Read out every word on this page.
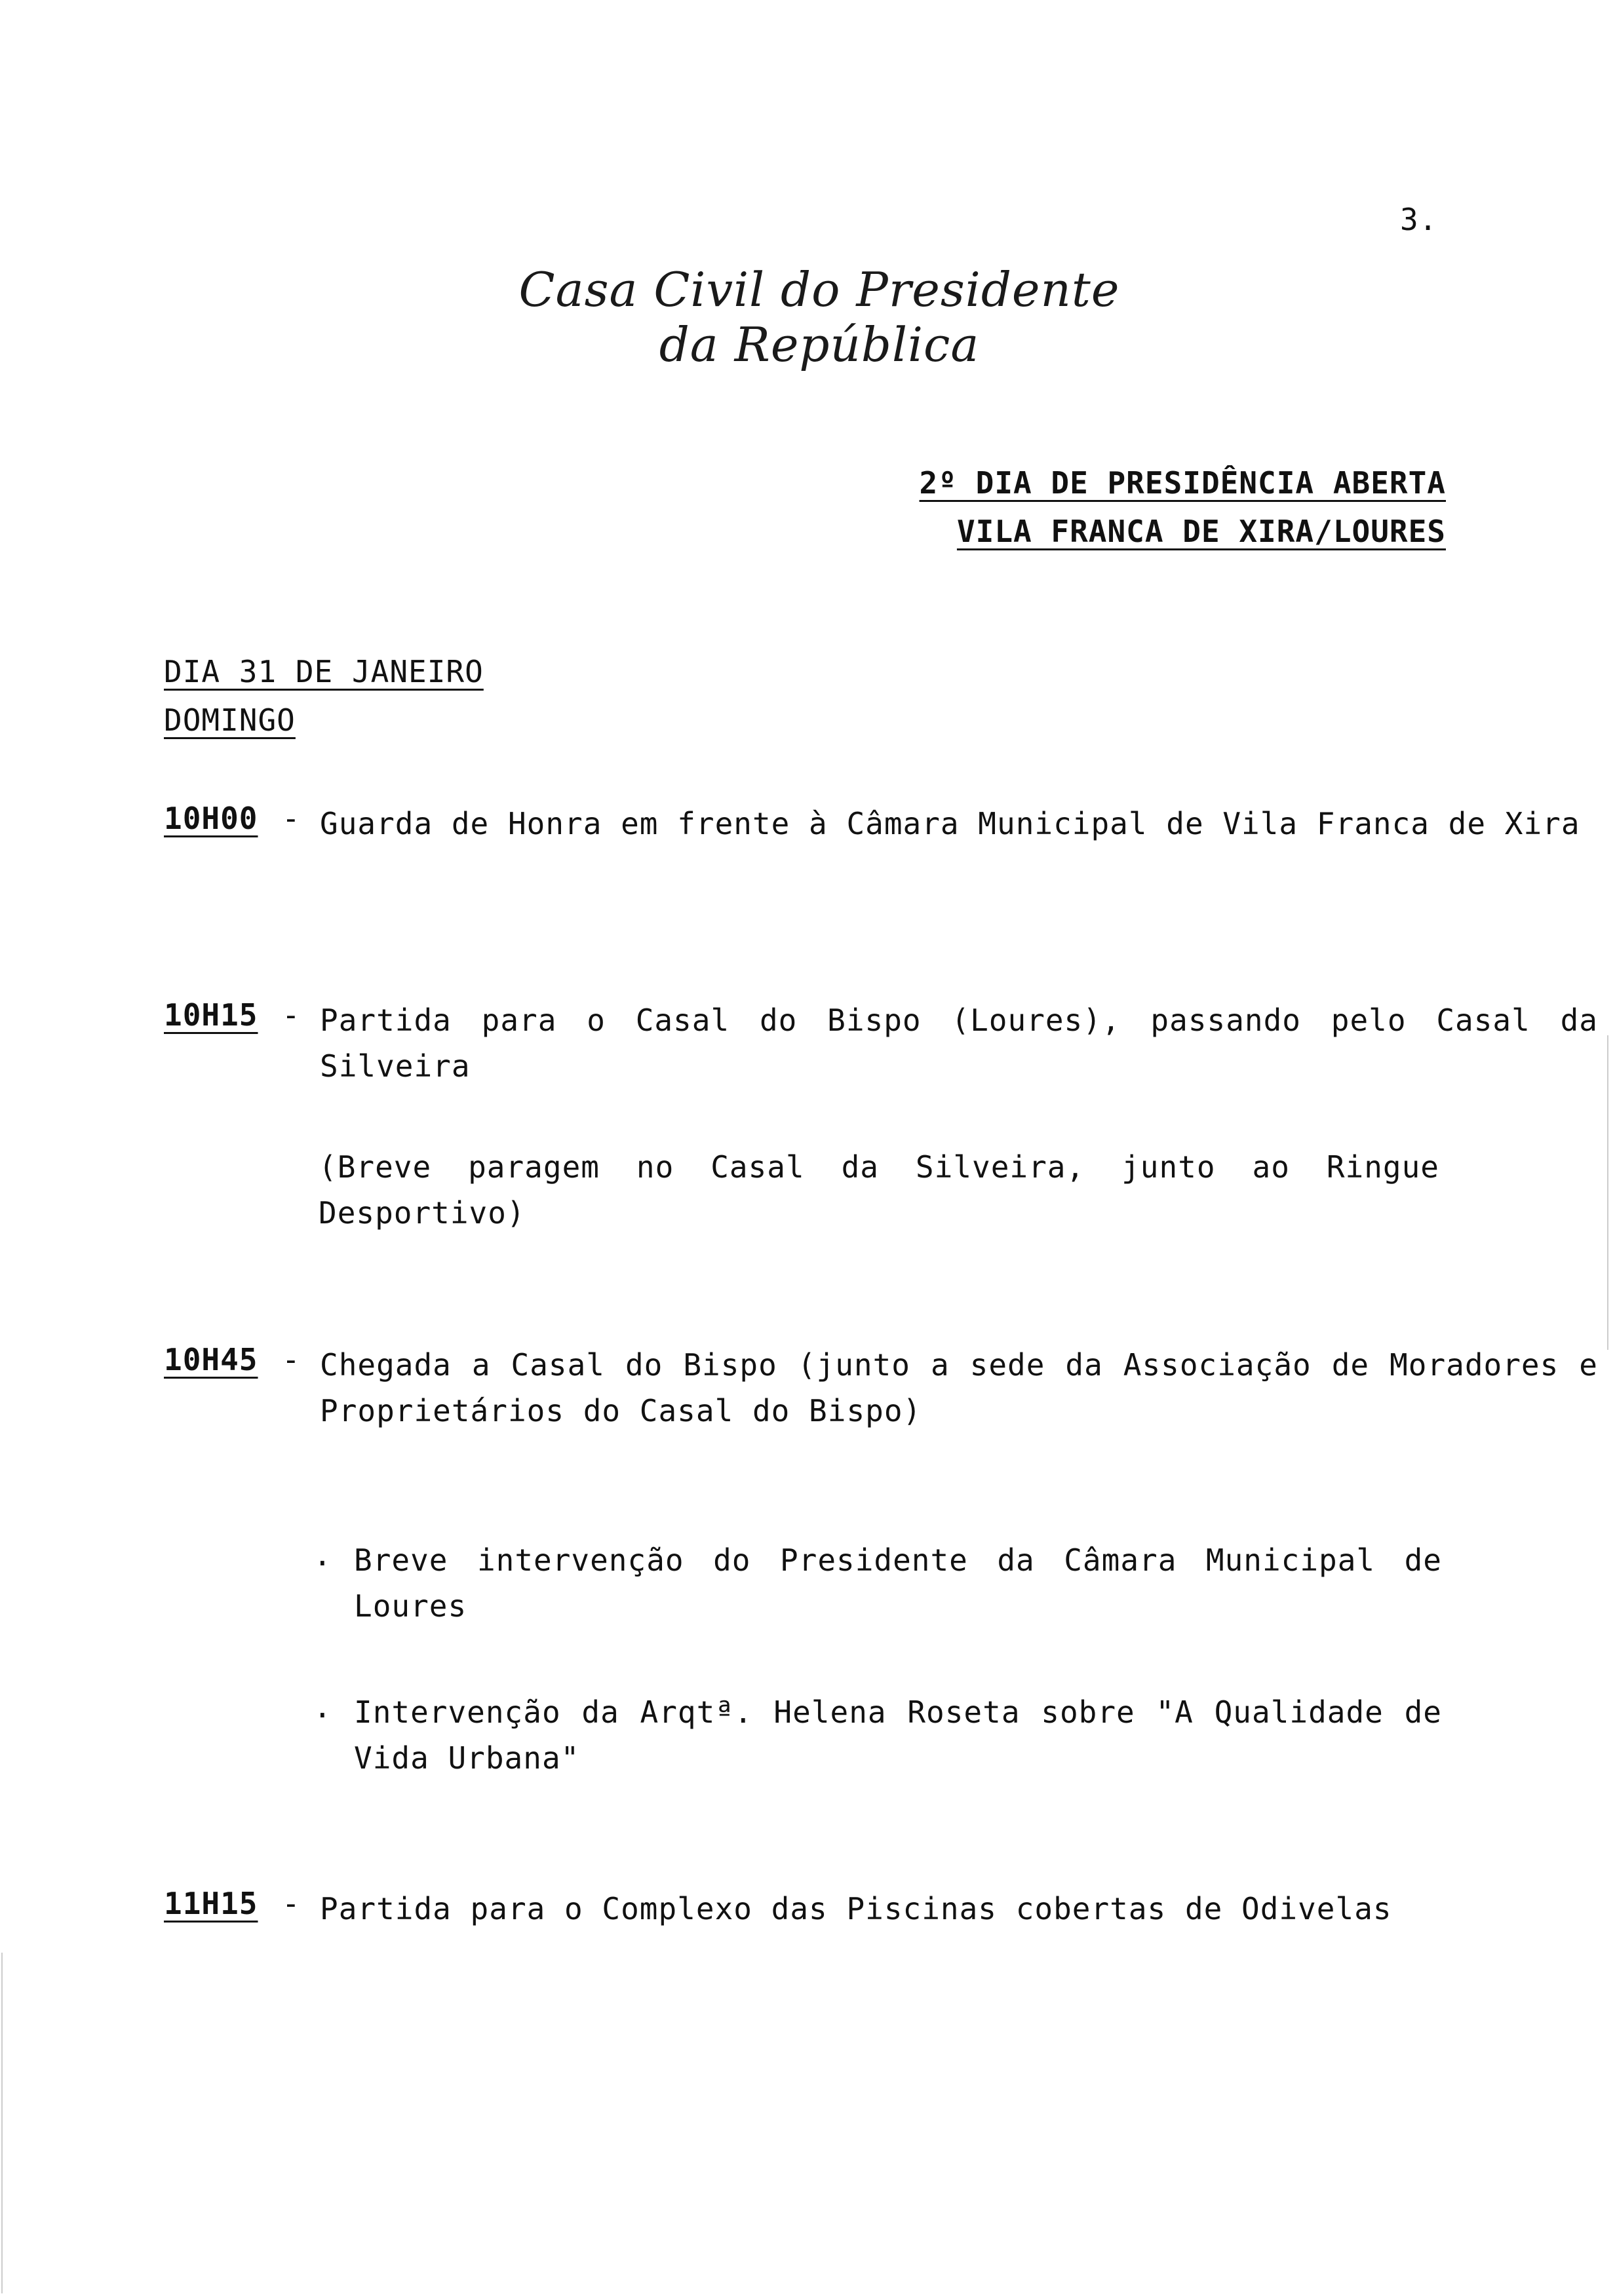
3.
Casa Civil do Presidente da República
2º DIA DE PRESIDÊNCIA ABERTA
VILA FRANCA DE XIRA/LOURES
DIA 31 DE JANEIRO
DOMINGO
10H00 - Guarda de Honra em frente à Câmara Municipal de Vila Franca de Xira
10H15 - Partida para o Casal do Bispo (Loures), passando pelo Casal da Silveira
(Breve paragem no Casal da Silveira, junto ao Ringue Desportivo)
10H45 - Chegada a Casal do Bispo (junto a sede da Associação de Moradores e Proprietários do Casal do Bispo)
. Breve intervenção do Presidente da Câmara Municipal de Loures
. Intervenção da Arqtª. Helena Roseta sobre "A Qualidade de Vida Urbana"
11H15 - Partida para o Complexo das Piscinas cobertas de Odivelas
